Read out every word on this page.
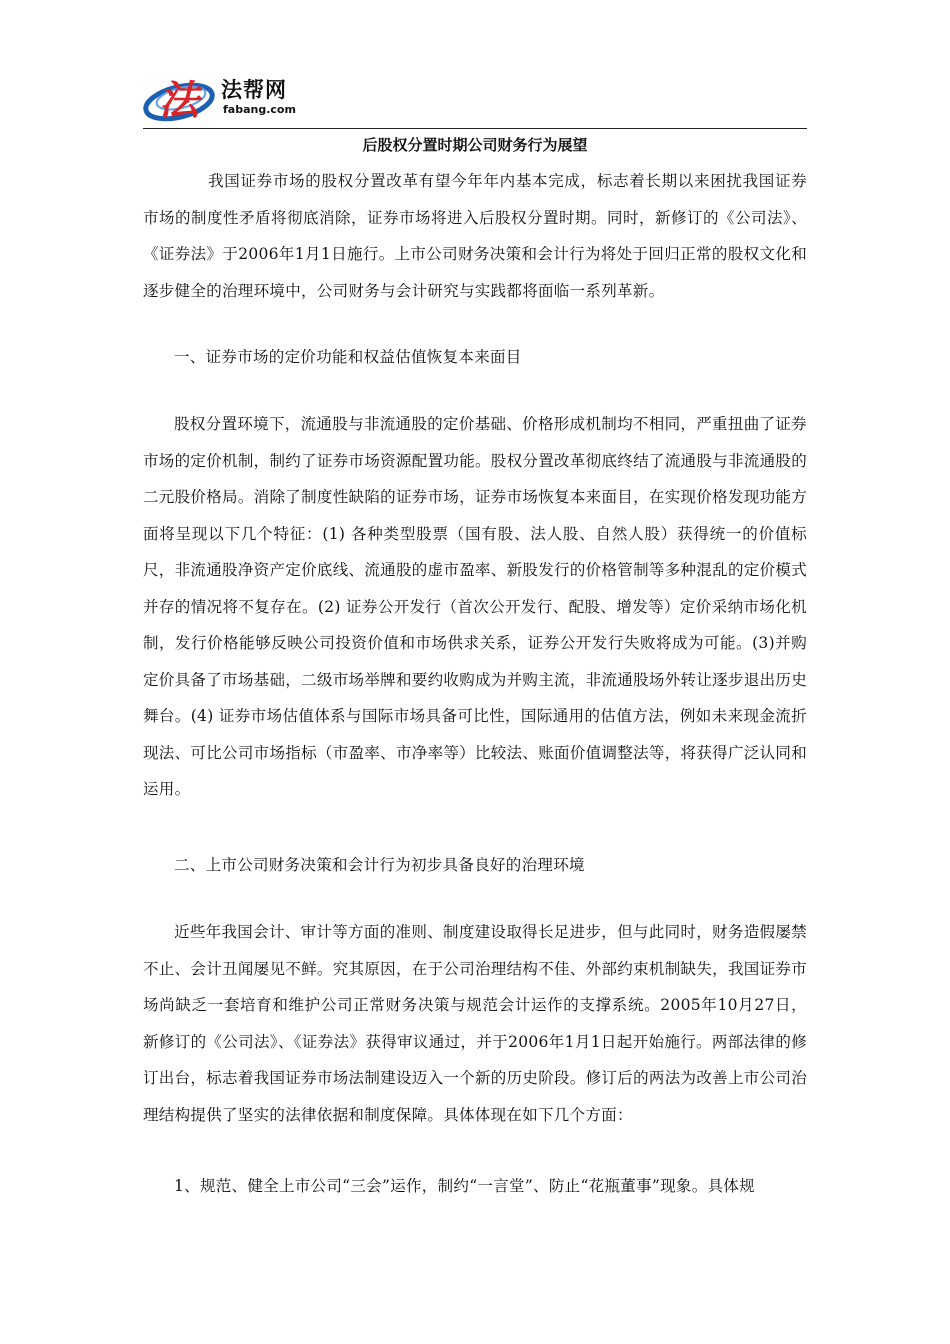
法 法帮网
fabang.com
后股权分置时期公司财务行为展望

我国证券市场的股权分置改革有望今年年内基本完成，标志着长期以来困扰我国证券市场的制度性矛盾将彻底消除，证券市场将进入后股权分置时期。同时，新修订的《公司法》、《证券法》于2006年1月1日施行。上市公司财务决策和会计行为将处于回归正常的股权文化和逐步健全的治理环境中，公司财务与会计研究与实践都将面临一系列革新。

一、证券市场的定价功能和权益估值恢复本来面目

股权分置环境下，流通股与非流通股的定价基础、价格形成机制均不相同，严重扭曲了证券市场的定价机制，制约了证券市场资源配置功能。股权分置改革彻底终结了流通股与非流通股的二元股价格局。消除了制度性缺陷的证券市场，证券市场恢复本来面目，在实现价格发现功能方面将呈现以下几个特征：(1) 各种类型股票（国有股、法人股、自然人股）获得统一的价值标尺，非流通股净资产定价底线、流通股的虚市盈率、新股发行的价格管制等多种混乱的定价模式并存的情况将不复存在。(2) 证券公开发行（首次公开发行、配股、增发等）定价采纳市场化机制，发行价格能够反映公司投资价值和市场供求关系，证券公开发行失败将成为可能。(3)并购定价具备了市场基础，二级市场举牌和要约收购成为并购主流，非流通股场外转让逐步退出历史舞台。(4) 证券市场估值体系与国际市场具备可比性，国际通用的估值方法，例如未来现金流折现法、可比公司市场指标（市盈率、市净率等）比较法、账面价值调整法等，将获得广泛认同和运用。

二、上市公司财务决策和会计行为初步具备良好的治理环境

近些年我国会计、审计等方面的准则、制度建设取得长足进步，但与此同时，财务造假屡禁不止、会计丑闻屡见不鲜。究其原因，在于公司治理结构不佳、外部约束机制缺失，我国证券市场尚缺乏一套培育和维护公司正常财务决策与规范会计运作的支撑系统。2005年10月27日，新修订的《公司法》、《证券法》获得审议通过，并于2006年1月1日起开始施行。两部法律的修订出台，标志着我国证券市场法制建设迈入一个新的历史阶段。修订后的两法为改善上市公司治理结构提供了坚实的法律依据和制度保障。具体体现在如下几个方面：

1、规范、健全上市公司“三会”运作，制约“一言堂”、防止“花瓶董事”现象。具体规
